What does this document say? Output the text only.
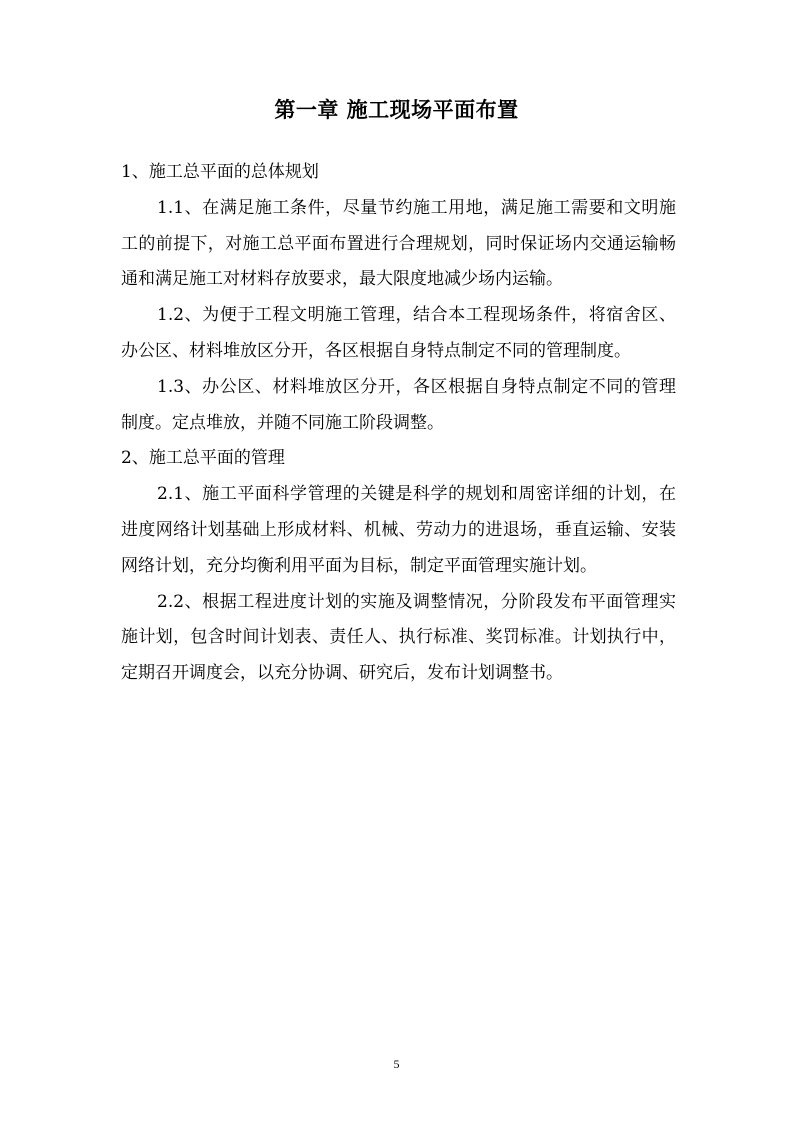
第一章 施工现场平面布置
1、施工总平面的总体规划
1.1、在满足施工条件，尽量节约施工用地，满足施工需要和文明施工的前提下，对施工总平面布置进行合理规划，同时保证场内交通运输畅通和满足施工对材料存放要求，最大限度地减少场内运输。
1.2、为便于工程文明施工管理，结合本工程现场条件，将宿舍区、办公区、材料堆放区分开，各区根据自身特点制定不同的管理制度。
1.3、办公区、材料堆放区分开，各区根据自身特点制定不同的管理制度。定点堆放，并随不同施工阶段调整。
2、施工总平面的管理
2.1、施工平面科学管理的关键是科学的规划和周密详细的计划，在进度网络计划基础上形成材料、机械、劳动力的进退场，垂直运输、安装网络计划，充分均衡利用平面为目标，制定平面管理实施计划。
2.2、根据工程进度计划的实施及调整情况，分阶段发布平面管理实施计划，包含时间计划表、责任人、执行标准、奖罚标准。计划执行中，定期召开调度会，以充分协调、研究后，发布计划调整书。
5
